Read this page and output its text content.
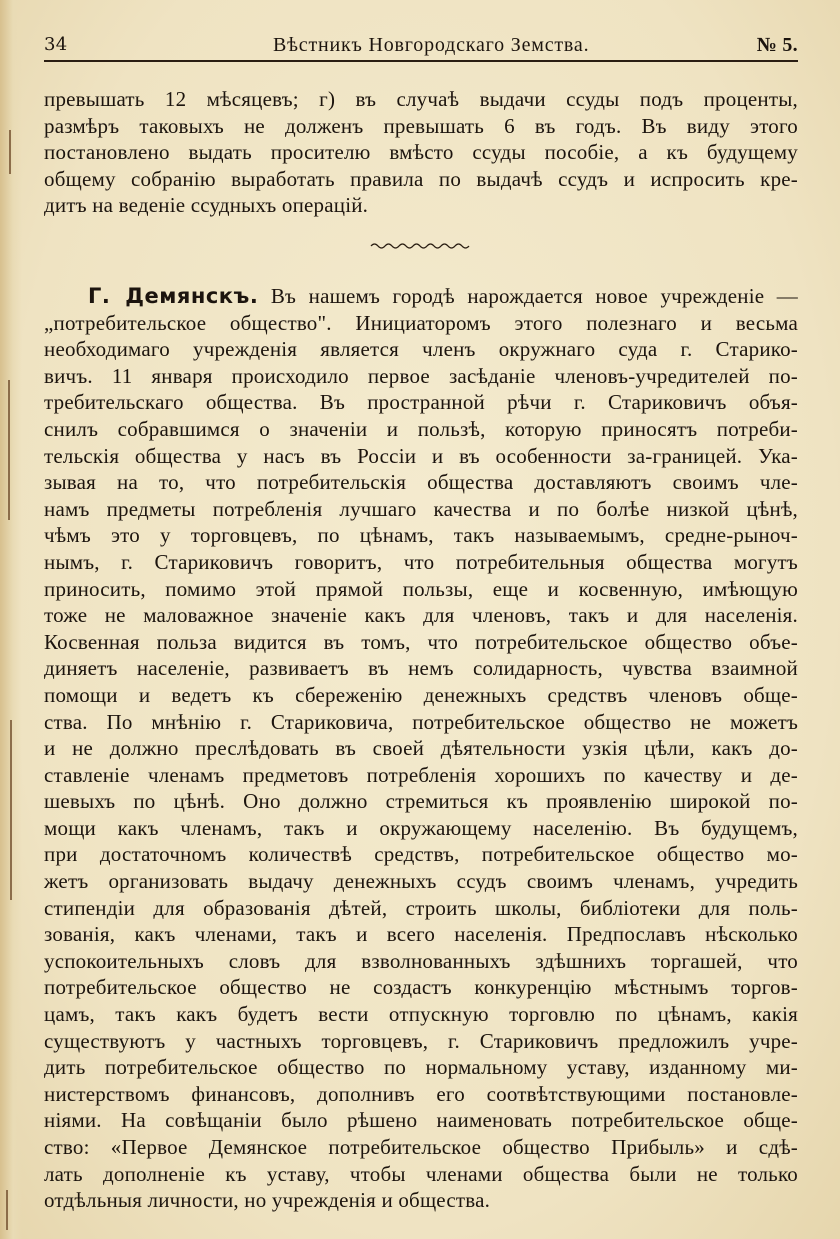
34	Вѣстникъ Новгородскаго Земства.	№ 5.
превышать 12 мѣсяцевъ; г) въ случаѣ выдачи ссуды подъ проценты,
размѣръ таковыхъ не долженъ превышать 6 въ годъ. Въ виду этого
постановлено выдать просителю вмѣсто ссуды пособіе, а къ будущему
общему собранію выработать правила по выдачѣ ссудъ и испросить кре-
дитъ на веденіе ссудныхъ операцій.
Г. Демянскъ. Въ нашемъ городѣ нарождается новое учрежденіе —
„потребительское общество". Инициаторомъ этого полезнаго и весьма
необходимаго учрежденія является членъ окружнаго суда г. Старико-
вичъ. 11 января происходило первое засѣданіе членовъ-учредителей по-
требительскаго общества. Въ пространной рѣчи г. Стариковичъ объя-
снилъ собравшимся о значеніи и пользѣ, которую приносятъ потреби-
тельскія общества у насъ въ Россіи и въ особенности за-границей. Ука-
зывая на то, что потребительскія общества доставляютъ своимъ чле-
намъ предметы потребленія лучшаго качества и по болѣе низкой цѣнѣ,
чѣмъ это у торговцевъ, по цѣнамъ, такъ называемымъ, средне-рыноч-
нымъ, г. Стариковичъ говоритъ, что потребительныя общества могутъ
приносить, помимо этой прямой пользы, еще и косвенную, имѣющую
тоже не маловажное значеніе какъ для членовъ, такъ и для населенія.
Косвенная польза видится въ томъ, что потребительское общество объе-
диняетъ населеніе, развиваетъ въ немъ солидарность, чувства взаимной
помощи и ведетъ къ сбереженію денежныхъ средствъ членовъ обще-
ства. По мнѣнію г. Стариковича, потребительское общество не можетъ
и не должно преслѣдовать въ своей дѣятельности узкія цѣли, какъ до-
ставленіе членамъ предметовъ потребленія хорошихъ по качеству и де-
шевыхъ по цѣнѣ. Оно должно стремиться къ проявленію широкой по-
мощи какъ членамъ, такъ и окружающему населенію. Въ будущемъ,
при достаточномъ количествѣ средствъ, потребительское общество мо-
жетъ организовать выдачу денежныхъ ссудъ своимъ членамъ, учредить
стипендіи для образованія дѣтей, строить школы, библіотеки для поль-
зованія, какъ членами, такъ и всего населенія. Предпославъ нѣсколько
успокоительныхъ словъ для взволнованныхъ здѣшнихъ торгашей, что
потребительское общество не создастъ конкуренцію мѣстнымъ торгов-
цамъ, такъ какъ будетъ вести отпускную торговлю по цѣнамъ, какія
существуютъ у частныхъ торговцевъ, г. Стариковичъ предложилъ учре-
дить потребительское общество по нормальному уставу, изданному ми-
нистерствомъ финансовъ, дополнивъ его соотвѣтствующими постановле-
ніями. На совѣщаніи было рѣшено наименовать потребительское обще-
ство: «Первое Демянское потребительское общество Прибыль» и сдѣ-
лать дополненіе къ уставу, чтобы членами общества были не только
отдѣльныя личности, но учрежденія и общества.
